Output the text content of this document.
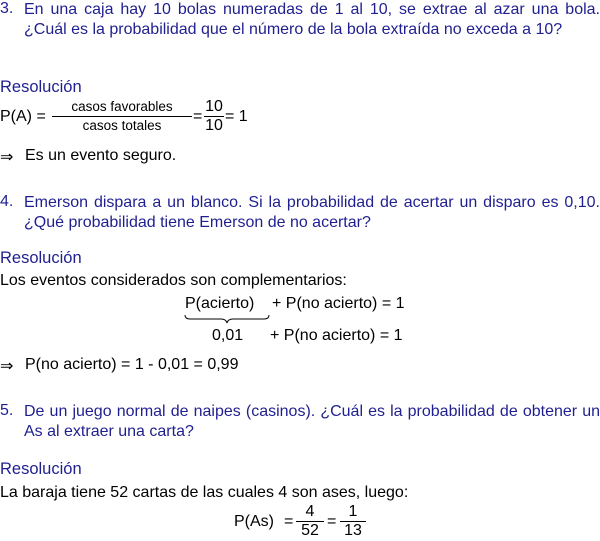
3. En una caja hay 10 bolas numeradas de 1 al 10, se extrae al azar una bola. ¿Cuál es la probabilidad que el número de la bola extraída no exceda a 10?
Resolución
P(A) =
casos favorables
casos totales
=
10
10
= 1
⇒ Es un evento seguro.
4. Emerson dispara a un blanco. Si la probabilidad de acertar un disparo es 0,10. ¿Qué probabilidad tiene Emerson de no acertar?
Resolución
Los eventos considerados son complementarios:
P(acierto) + P(no acierto) = 1
0,01 + P(no acierto) = 1
⇒ P(no acierto) = 1 - 0,01 = 0,99
5. De un juego normal de naipes (casinos). ¿Cuál es la probabilidad de obtener un As al extraer una carta?
Resolución
La baraja tiene 52 cartas de las cuales 4 son ases, luego:
P(As) =
4
52
=
1
13
